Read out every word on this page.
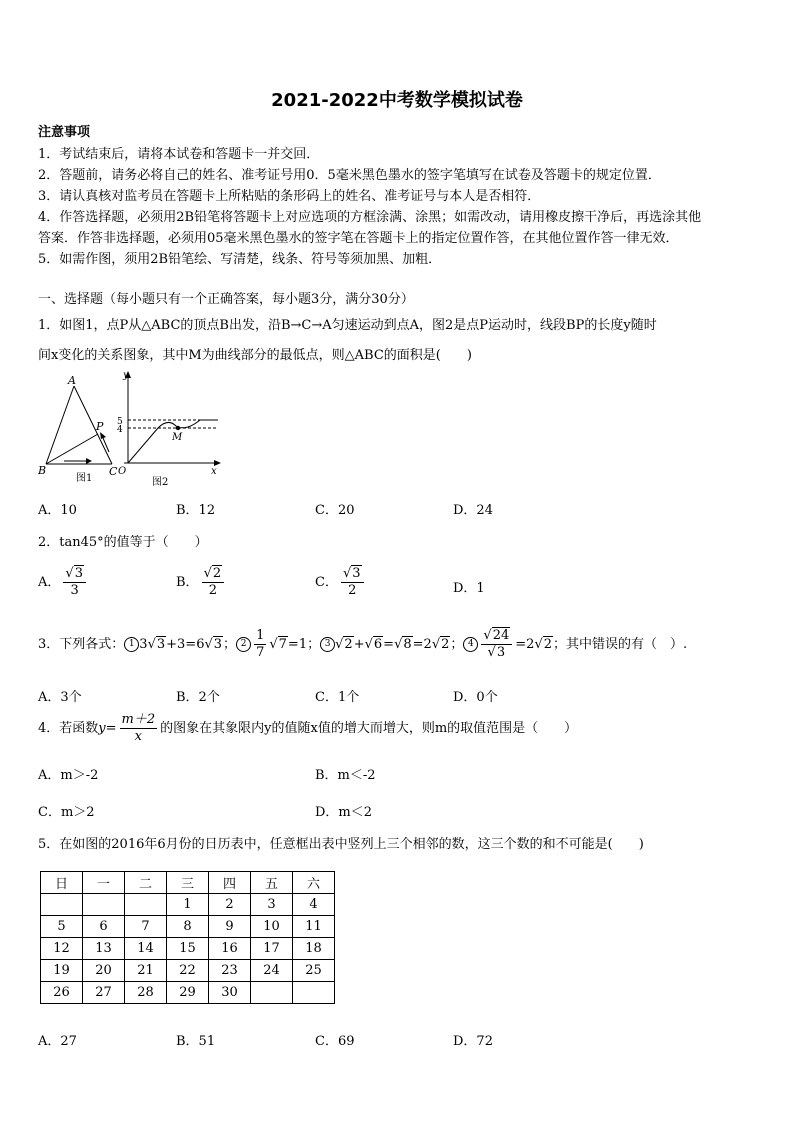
2021-2022中考数学模拟试卷
注意事项
1．考试结束后，请将本试卷和答题卡一并交回．
2．答题前，请务必将自己的姓名、准考证号用0．5毫米黑色墨水的签字笔填写在试卷及答题卡的规定位置．
3．请认真核对监考员在答题卡上所粘贴的条形码上的姓名、准考证号与本人是否相符．
4．作答选择题，必须用2B铅笔将答题卡上对应选项的方框涂满、涂黑；如需改动，请用橡皮擦干净后，再选涂其他
答案．作答非选择题，必须用05毫米黑色墨水的签字笔在答题卡上的指定位置作答，在其他位置作答一律无效．
5．如需作图，须用2B铅笔绘、写清楚，线条、符号等须加黑、加粗．
一、选择题（每小题只有一个正确答案，每小题3分，满分30分）
1．如图1，点P从△ABC的顶点B出发，沿B→C→A匀速运动到点A，图2是点P运动时，线段BP的长度y随时
间x变化的关系图象，其中M为曲线部分的最低点，则△ABC的面积是(　　)
A
P
B	C
图1
y
5
4
M
O	x
图2
A．10	B．12	C．20	D．24
2．tan45°的值等于（　　）
A． $\frac{√3}{3}$	B． $\frac{√2}{2}$	C． $\frac{√3}{2}$	D．1
3．下列各式： 1 3√3+3=6√3； $2 \frac{1}{7} √7=1$； 3 √2+√6=√8=2√2； $4 \frac{√24}{√3} =2√2$；其中错误的有（　）.
A．3个	B．2个	C．1个	D．0个
4．若函数$y= \frac{m+2}{x}$ 的图象在其象限内y的值随x值的增大而增大，则m的取值范围是（　　）
A．m＞-2	B．m＜-2
C．m＞2	D．m＜2
5．在如图的2016年6月份的日历表中，任意框出表中竖列上三个相邻的数，这三个数的和不可能是(　　)
日	一	二	三	四	五	六
			1	2	3	4
5	6	7	8	9	10	11
12	13	14	15	16	17	18
19	20	21	22	23	24	25
26	27	28	29	30		
A．27	B．51	C．69	D．72
